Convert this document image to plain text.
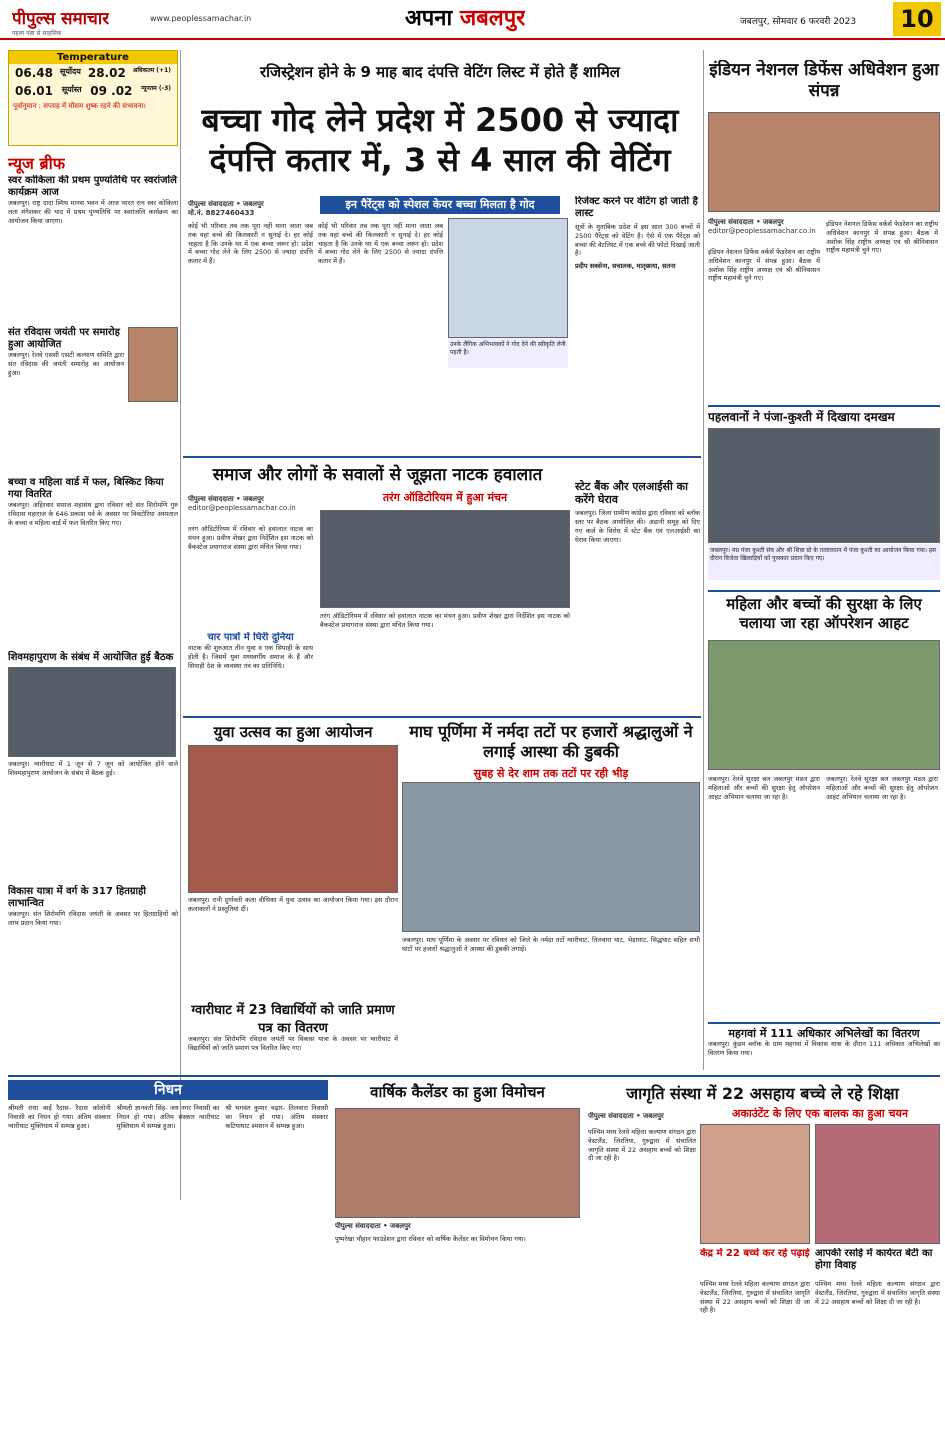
पीपुल्स समाचार
पहला पन्ना से साहसिक
www.peoplessamachar.in	अपना जबलपुर	जबलपुर, सोमवार 6 फरवरी 2023	10
Temperature
06.48 सूर्योदय 28.02 अधिकतम (+1)
06.01 सूर्यास्त 09 .02 न्यूनतम (-3)
पूर्वानुमान : सप्ताह में मौसम शुष्क रहने की संभावना।
न्यूज ब्रीफ
स्वर कोकिला की प्रथम पुण्यतिथि पर स्वरांजलि कार्यक्रम आज
जबलपुर। राष्ट्र दादा स्मिथ मानस भवन में आज भारत रत्न स्वर कोकिला लता मंगेशकर की याद में प्रथम पुण्यतिथि पर स्वरांजलि कार्यक्रम का आयोजन किया जाएगा।
संत रविदास जयंती पर समारोह हुआ आयोजित
जबलपुर। रेलवे एससी एसटी कल्याण समिति द्वारा संत रविदास की जयंती समारोह का आयोजन हुआ।
बच्चा व महिला वार्ड में फल, बिस्किट किया गया वितरित
जबलपुर। अहिरवार समाज महासंघ द्वारा रविवार को संत शिरोमणि गुरु रविदास महाराज के 646 प्रकाश पर्व के अवसर पर विक्टोरिया अस्पताल के बच्चा व महिला वार्ड में फल वितरित किए गए।
शिवमहापुराण के संबंध में आयोजित हुई बैठक
जबलपुर। ग्वारीघाट में 1 जून से 7 जून को आयोजित होने वाले शिवमहापुराण आयोजन के संबंध में बैठक हुई।
विकास यात्रा में वर्ग के 317 हितग्राही लाभान्वित
जबलपुर। संत शिरोमणि रविदास जयंती के अवसर पर हितग्राहियों को लाभ प्रदान किया गया।
रजिस्ट्रेशन होने के 9 माह बाद दंपत्ति वेटिंग लिस्ट में होते हैं शामिल
बच्चा गोद लेने प्रदेश में 2500 से ज्यादा दंपत्ति कतार में, 3 से 4 साल की वेटिंग
इन पैरेंट्स को स्पेशल केयर बच्चा मिलता है गोद
पीपुल्स संवाददाता • जबलपुर
मो.नं. 8827460433
कोई भी परिवार तब तक पूरा नहीं माना जाता जब तक वहां बच्चे की किलकारी न सुनाई दे। हर कोई चाहता है कि उनके घर में एक बच्चा जरूर हो। प्रदेश में बच्चा गोद लेने के लिए 2500 से ज्यादा दंपत्ति कतार में हैं।
उनके लैंगिक अभिभावकों ने गोद देने की स्वीकृति लेनी पड़ती है।
कोई भी परिवार तब तक पूरा नहीं माना जाता जब तक वहां बच्चे की किलकारी न सुनाई दे। हर कोई चाहता है कि उनके घर में एक बच्चा जरूर हो। प्रदेश में बच्चा गोद लेने के लिए 2500 से ज्यादा दंपत्ति कतार में हैं।
रिजेक्ट करने पर वेटिंग हो जाती है लास्ट
सूत्रों के मुताबिक प्रदेश में इस साल 300 बच्चों में 2500 पैरेंट्स को वेटिंग है। ऐसे में एक पैरेंट्स को बच्चा की वेटलिस्ट में एक बच्चे की फोटो दिखाई जाती है।
प्रदीप सक्सेना, सचालक, मातृछाया, सतना
इंडियन नेशनल डिफेंस अधिवेशन हुआ संपन्न
पीपुल्स संवाददाता • जबलपुर
editor@peoplessamachar.co.in
इंडियन नेशनल डिफेंस वर्कर्स फेडरेशन का राष्ट्रीय अधिवेशन कानपुर में संपन्न हुआ। बैठक में अशोक सिंह राष्ट्रीय अध्यक्ष एवं श्री श्रीनिवासन राष्ट्रीय महामंत्री चुने गए।
इंडियन नेशनल डिफेंस वर्कर्स फेडरेशन का राष्ट्रीय अधिवेशन कानपुर में संपन्न हुआ। बैठक में अशोक सिंह राष्ट्रीय अध्यक्ष एवं श्री श्रीनिवासन राष्ट्रीय महामंत्री चुने गए।
पहलवानों ने पंजा-कुश्ती में दिखाया दमखम
जबलपुर। मप्र पंजा कुश्ती संघ और श्री शिवा ग्रो के तत्वावधान में पंजा कुश्ती का आयोजन किया गया। इस दौरान विजेता खिलाड़ियों को पुरस्कार प्रदान किए गए।
महिला और बच्चों की सुरक्षा के लिए चलाया जा रहा ऑपरेशन आहट
जबलपुर। रेलवे सुरक्षा बल जबलपुर मंडल द्वारा महिलाओं और बच्चों की सुरक्षा हेतु ऑपरेशन आहट अभियान चलाया जा रहा है।
जबलपुर। रेलवे सुरक्षा बल जबलपुर मंडल द्वारा महिलाओं और बच्चों की सुरक्षा हेतु ऑपरेशन आहट अभियान चलाया जा रहा है।
महगवां में 111 अधिकार अभिलेखों का वितरण
जबलपुर। कुंडम ब्लॉक के ग्राम महगवां में विकास यात्रा के दौरान 111 अधिकार अभिलेखों का वितरण किया गया।
समाज और लोगों के सवालों से जूझता नाटक हवालात
तरंग ऑडिटोरियम में हुआ मंचन
पीपुल्स संवाददाता • जबलपुर
editor@peoplessamachar.co.in
तरंग ऑडिटोरियम में रविवार को हवालात नाटक का मंचन हुआ। प्रवीण शेखर द्वारा निर्देशित इस नाटक को बैकस्टेज प्रयागराज संस्था द्वारा मंचित किया गया।
तरंग ऑडिटोरियम में रविवार को हवालात नाटक का मंचन हुआ। प्रवीण शेखर द्वारा निर्देशित इस नाटक को बैकस्टेज प्रयागराज संस्था द्वारा मंचित किया गया।
चार पात्रों में घिरी दुनिया
नाटक की शुरुआत तीन युवा व एक सिपाही के साथ होती है। जिसमें युवा मध्यवर्गीय समाज के हैं और सिपाही देश के व्यवस्था तंत्र का प्रतिनिधि।
स्टेट बैंक और एलआईसी का करेंगे घेराव
जबलपुर। जिला ग्रामीण कांग्रेस द्वारा रविवार को ब्लॉक स्तर पर बैठक आयोजित की। अडानी समूह को दिए गए कर्ज के विरोध में स्टेट बैंक एवं एलआईसी का घेराव किया जाएगा।
युवा उत्सव का हुआ आयोजन
जबलपुर। रानी दुर्गावती कला वीथिका में युवा उत्सव का आयोजन किया गया। इस दौरान कलाकारों ने प्रस्तुतियां दीं।
माघ पूर्णिमा में नर्मदा तटों पर हजारों श्रद्धालुओं ने लगाई आस्था की डुबकी
सुबह से देर शाम तक तटों पर रही भीड़
जबलपुर। माघ पूर्णिमा के अवसर पर रविवार को जिले के नर्मदा तटों ग्वारीघाट, तिलवारा घाट, भेड़ाघाट, सिद्धघाट सहित सभी घाटों पर हजारों श्रद्धालुओं ने आस्था की डुबकी लगाई।
ग्वारीघाट में 23 विद्यार्थियों को जाति प्रमाण पत्र का वितरण
जबलपुर। संत शिरोमणि रविदास जयंती पर विकास यात्रा के अवसर पर ग्वारीघाट में विद्यार्थियों को जाति प्रमाण पत्र वितरित किए गए।
निधन
श्रीमती राधा बाई रैदास- रैदास कॉलोनी निवासी का निधन हो गया। अंतिम संस्कार ग्वारीघाट मुक्तिधाम में सम्पन्न हुआ।
श्रीमती ज्ञानवती सिंह- जय नगर निवासी का निधन हो गया। अंतिम संस्कार ग्वारीघाट मुक्तिधाम में सम्पन्न हुआ।
श्री भगवंत कुमार चढ़ार- तिलवारा निवासी का निधन हो गया। अंतिम संस्कार कटियाघाट श्मशान में सम्पन्न हुआ।
वार्षिक कैलेंडर का हुआ विमोचन
पीपुल्स संवाददाता • जबलपुर
पुष्परेखा चौहान फाउंडेशन द्वारा रविवार को वार्षिक कैलेंडर का विमोचन किया गया।
जागृति संस्था में 22 असहाय बच्चे ले रहे शिक्षा
अकाउंटेंट के लिए एक बालक का हुआ चयन
पीपुल्स संवाददाता • जबलपुर
पश्चिम मध्य रेलवे महिला कल्याण संगठन द्वारा वेस्टलैंड, जिरतिया, गुरुद्वारा में संचालित जागृति संस्था में 22 असहाय बच्चों को शिक्षा दी जा रही है।
केंद्र में 22 बच्चे कर रहे पढ़ाई आपकी रसोई में कार्यरत बेटी का होगा विवाह
पश्चिम मध्य रेलवे महिला कल्याण संगठन द्वारा वेस्टलैंड, जिरतिया, गुरुद्वारा में संचालित जागृति संस्था में 22 असहाय बच्चों को शिक्षा दी जा रही है।
पश्चिम मध्य रेलवे महिला कल्याण संगठन द्वारा वेस्टलैंड, जिरतिया, गुरुद्वारा में संचालित जागृति संस्था में 22 असहाय बच्चों को शिक्षा दी जा रही है।
